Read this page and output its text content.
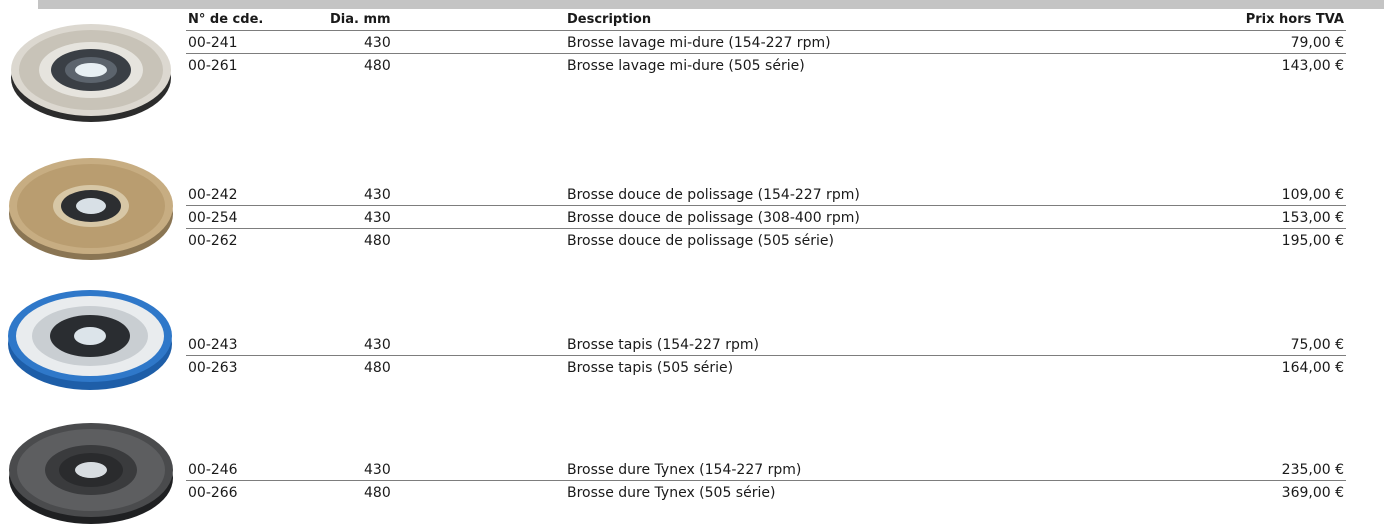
N° de cde.	Dia. mm	Description	Prix hors TVA
00-241	430	Brosse lavage mi-dure (154-227 rpm)	79,00 €
00-261	480	Brosse lavage mi-dure (505 série)	143,00 €
00-242	430	Brosse douce de polissage (154-227 rpm)	109,00 €
00-254	430	Brosse douce de polissage (308-400 rpm)	153,00 €
00-262	480	Brosse douce de polissage (505 série)	195,00 €
00-243	430	Brosse tapis (154-227 rpm)	75,00 €
00-263	480	Brosse tapis (505 série)	164,00 €
00-246	430	Brosse dure Tynex (154-227 rpm)	235,00 €
00-266	480	Brosse dure Tynex (505 série)	369,00 €
